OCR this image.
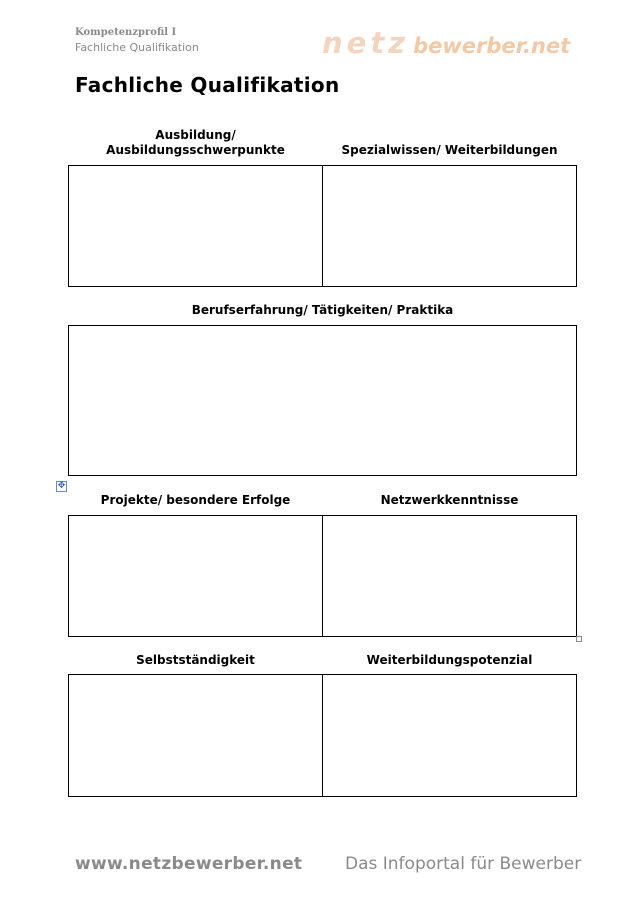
Kompetenzprofil I
Fachliche Qualifikation	netz bewerber.net
Fachliche Qualifikation
Ausbildung/
Ausbildungsschwerpunkte	Spezialwissen/ Weiterbildungen
Berufserfahrung/ Tätigkeiten/ Praktika
✥
Projekte/ besondere Erfolge	Netzwerkkenntnisse
Selbstständigkeit	Weiterbildungspotenzial
www.netzbewerber.net	Das Infoportal für Bewerber
